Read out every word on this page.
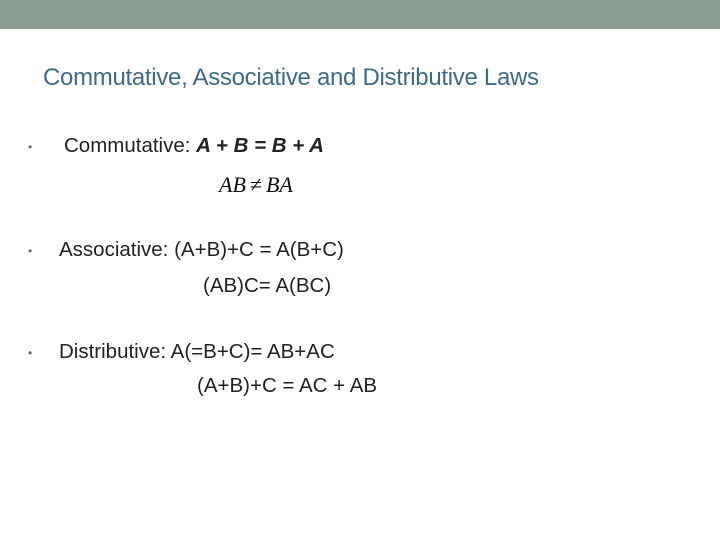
Commutative, Associative and Distributive Laws
• Commutative: A + B = B + A
AB ≠ BA
• Associative: (A+B)+C = A(B+C)
(AB)C= A(BC)
• Distributive: A(=B+C)= AB+AC
(A+B)+C = AC + AB
